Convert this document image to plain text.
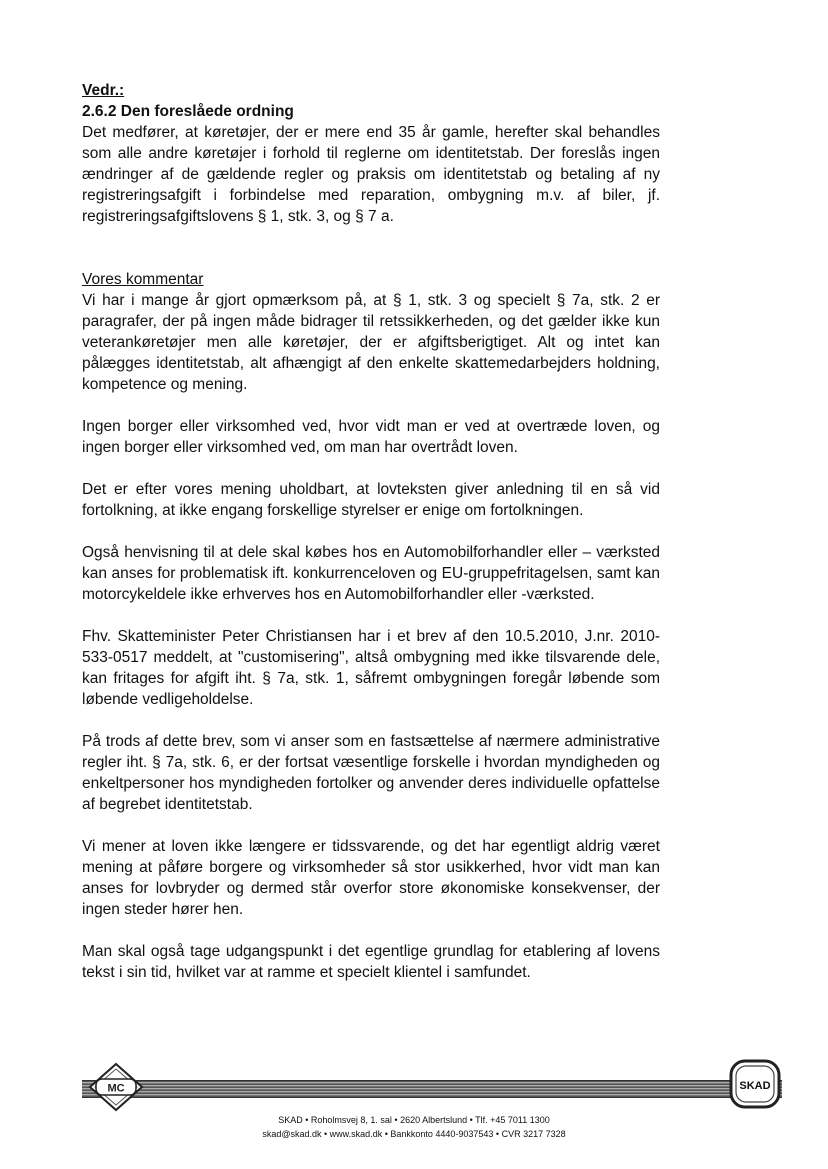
Vedr.:

2.6.2 Den foreslåede ordning

Det medfører, at køretøjer, der er mere end 35 år gamle, herefter skal behandles som alle andre køretøjer i forhold til reglerne om identitetstab. Der foreslås ingen ændringer af de gældende regler og praksis om identitetstab og betaling af ny registreringsafgift i forbindelse med reparation, ombygning m.v. af biler, jf. registreringsafgiftslovens § 1, stk. 3, og § 7 a.

Vores kommentar

Vi har i mange år gjort opmærksom på, at § 1, stk. 3 og specielt § 7a, stk. 2 er paragrafer, der på ingen måde bidrager til retssikkerheden, og det gælder ikke kun veterankøretøjer men alle køretøjer, der er afgiftsberigtiget. Alt og intet kan pålægges identitetstab, alt afhængigt af den enkelte skattemedarbejders holdning, kompetence og mening.

Ingen borger eller virksomhed ved, hvor vidt man er ved at overtræde loven, og ingen borger eller virksomhed ved, om man har overtrådt loven.

Det er efter vores mening uholdbart, at lovteksten giver anledning til en så vid fortolkning, at ikke engang forskellige styrelser er enige om fortolkningen.

Også henvisning til at dele skal købes hos en Automobilforhandler eller – værksted kan anses for problematisk ift. konkurrenceloven og EU-gruppefritagelsen, samt kan motorcykeldele ikke erhverves hos en Automobilforhandler eller -værksted.

Fhv. Skatteminister Peter Christiansen har i et brev af den 10.5.2010, J.nr. 2010-533-0517 meddelt, at "customisering", altså ombygning med ikke tilsvarende dele, kan fritages for afgift iht. § 7a, stk. 1, såfremt ombygningen foregår løbende som løbende vedligeholdelse.

På trods af dette brev, som vi anser som en fastsættelse af nærmere administrative regler iht. § 7a, stk. 6, er der fortsat væsentlige forskelle i hvordan myndigheden og enkeltpersoner hos myndigheden fortolker og anvender deres individuelle opfattelse af begrebet identitetstab.

Vi mener at loven ikke længere er tidssvarende, og det har egentligt aldrig været mening at påføre borgere og virksomheder så stor usikkerhed, hvor vidt man kan anses for lovbryder og dermed står overfor store økonomiske konsekvenser, der ingen steder hører hen.

Man skal også tage udgangspunkt i det egentlige grundlag for etablering af lovens tekst i sin tid, hvilket var at ramme et specielt klientel i samfundet.

MC	SKAD
SKAD • Roholmsvej 8, 1. sal • 2620 Albertslund • Tlf. +45 7011 1300
skad@skad.dk • www.skad.dk • Bankkonto 4440-9037543 • CVR 3217 7328
